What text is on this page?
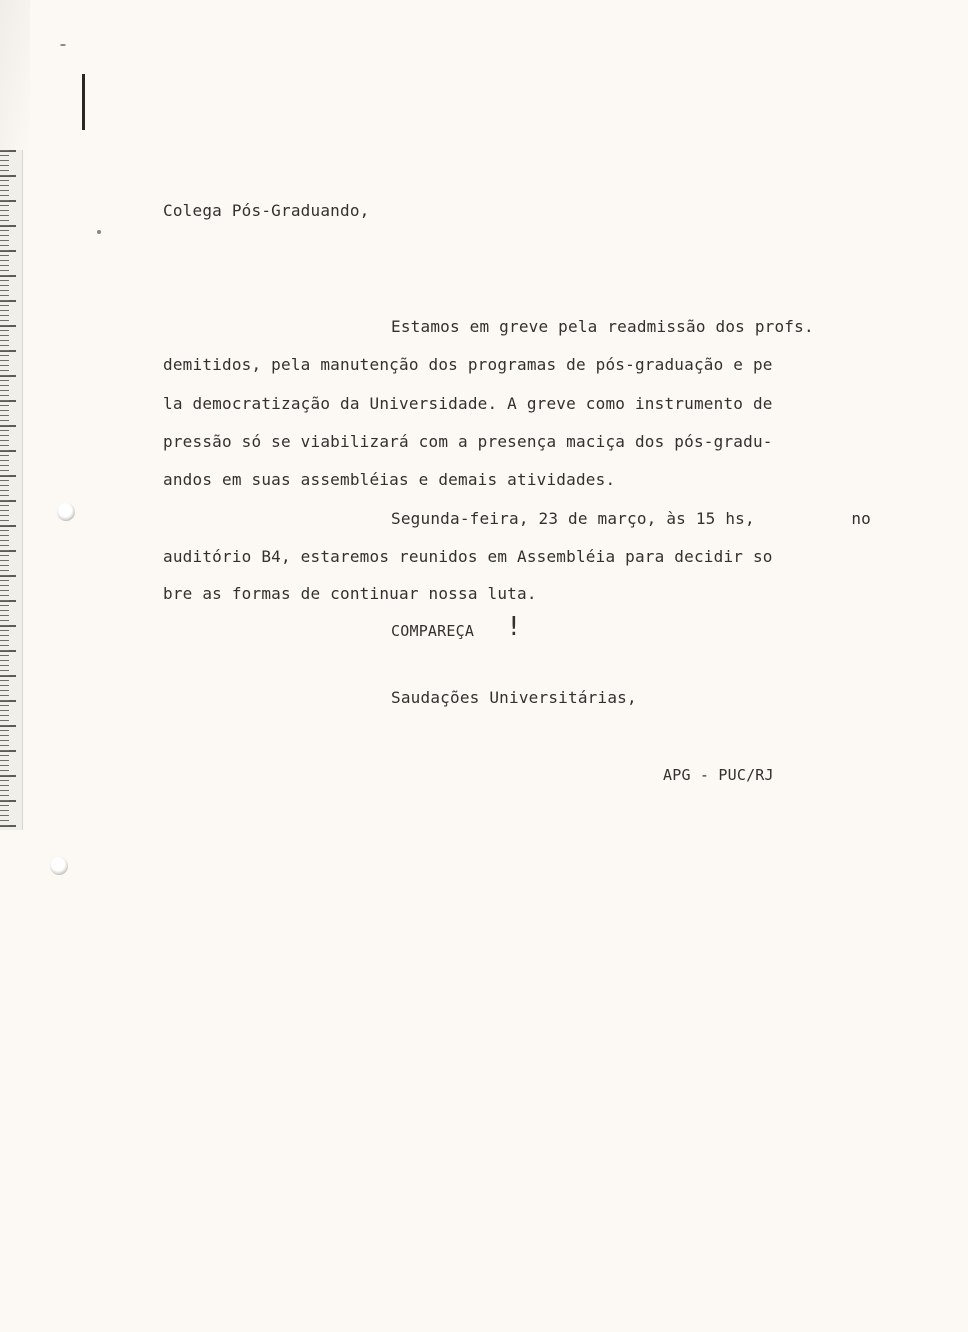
Colega Pós-Graduando,
Estamos em greve pela readmissão dos profs.
demitidos, pela manutenção dos programas de pós-graduação e pe
la democratização da Universidade. A greve como instrumento de
pressão só se viabilizará com a presença maciça dos pós-gradu-
andos em suas assembléias e demais atividades.
Segunda-feira, 23 de março, às 15 hs,	no
auditório B4, estaremos reunidos em Assembléia para decidir so
bre as formas de continuar nossa luta.
COMPAREÇA !
Saudações Universitárias,
APG - PUC/RJ
